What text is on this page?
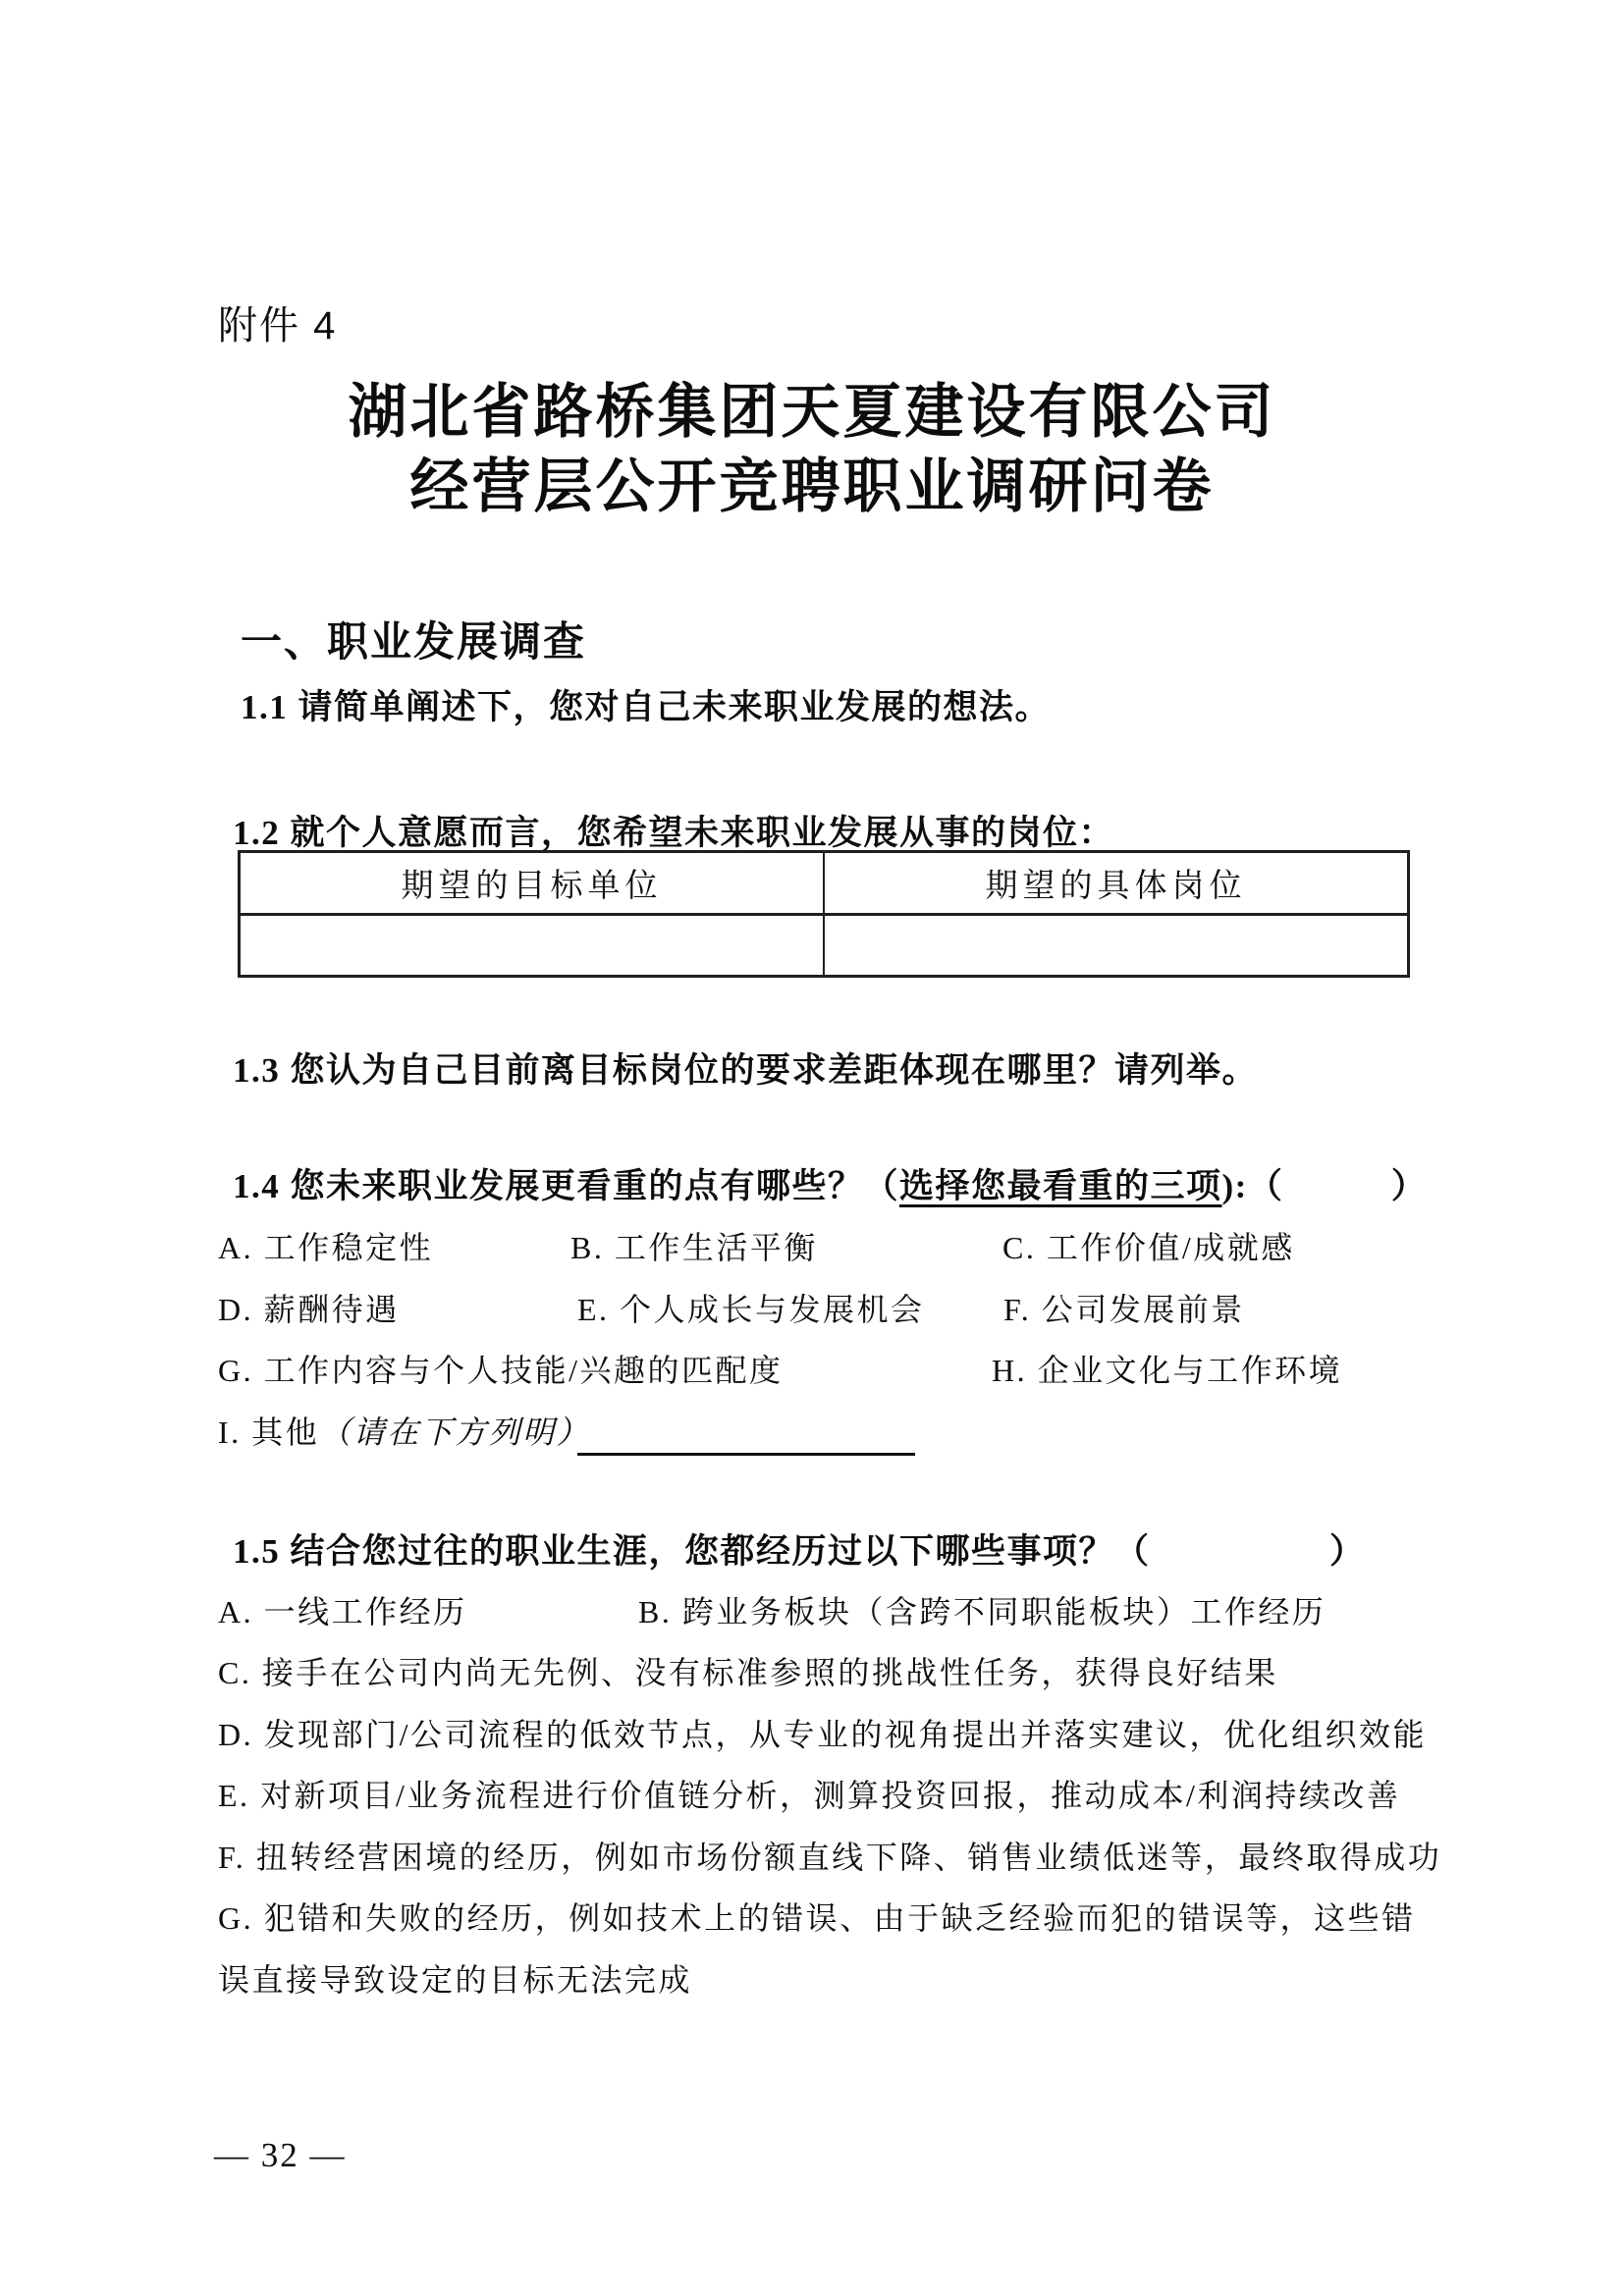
附件 4
湖北省路桥集团天夏建设有限公司
经营层公开竞聘职业调研问卷
一、职业发展调查
1.1 请简单阐述下，您对自己未来职业发展的想法。
1.2 就个人意愿而言，您希望未来职业发展从事的岗位：
期望的目标单位	期望的具体岗位
1.3 您认为自己目前离目标岗位的要求差距体现在哪里？请列举。
1.4 您未来职业发展更看重的点有哪些？（选择您最看重的三项):（　　　）
A. 工作稳定性	B. 工作生活平衡	C. 工作价值/成就感
D. 薪酬待遇	E. 个人成长与发展机会	F. 公司发展前景
G. 工作内容与个人技能/兴趣的匹配度	H. 企业文化与工作环境
I. 其他（请在下方列明）
1.5 结合您过往的职业生涯，您都经历过以下哪些事项？（　　　　　）
A. 一线工作经历	B. 跨业务板块（含跨不同职能板块）工作经历
C. 接手在公司内尚无先例、没有标准参照的挑战性任务，获得良好结果
D. 发现部门/公司流程的低效节点，从专业的视角提出并落实建议，优化组织效能
E. 对新项目/业务流程进行价值链分析，测算投资回报，推动成本/利润持续改善
F. 扭转经营困境的经历，例如市场份额直线下降、销售业绩低迷等，最终取得成功
G. 犯错和失败的经历，例如技术上的错误、由于缺乏经验而犯的错误等，这些错误直接导致设定的目标无法完成
— 32 —
